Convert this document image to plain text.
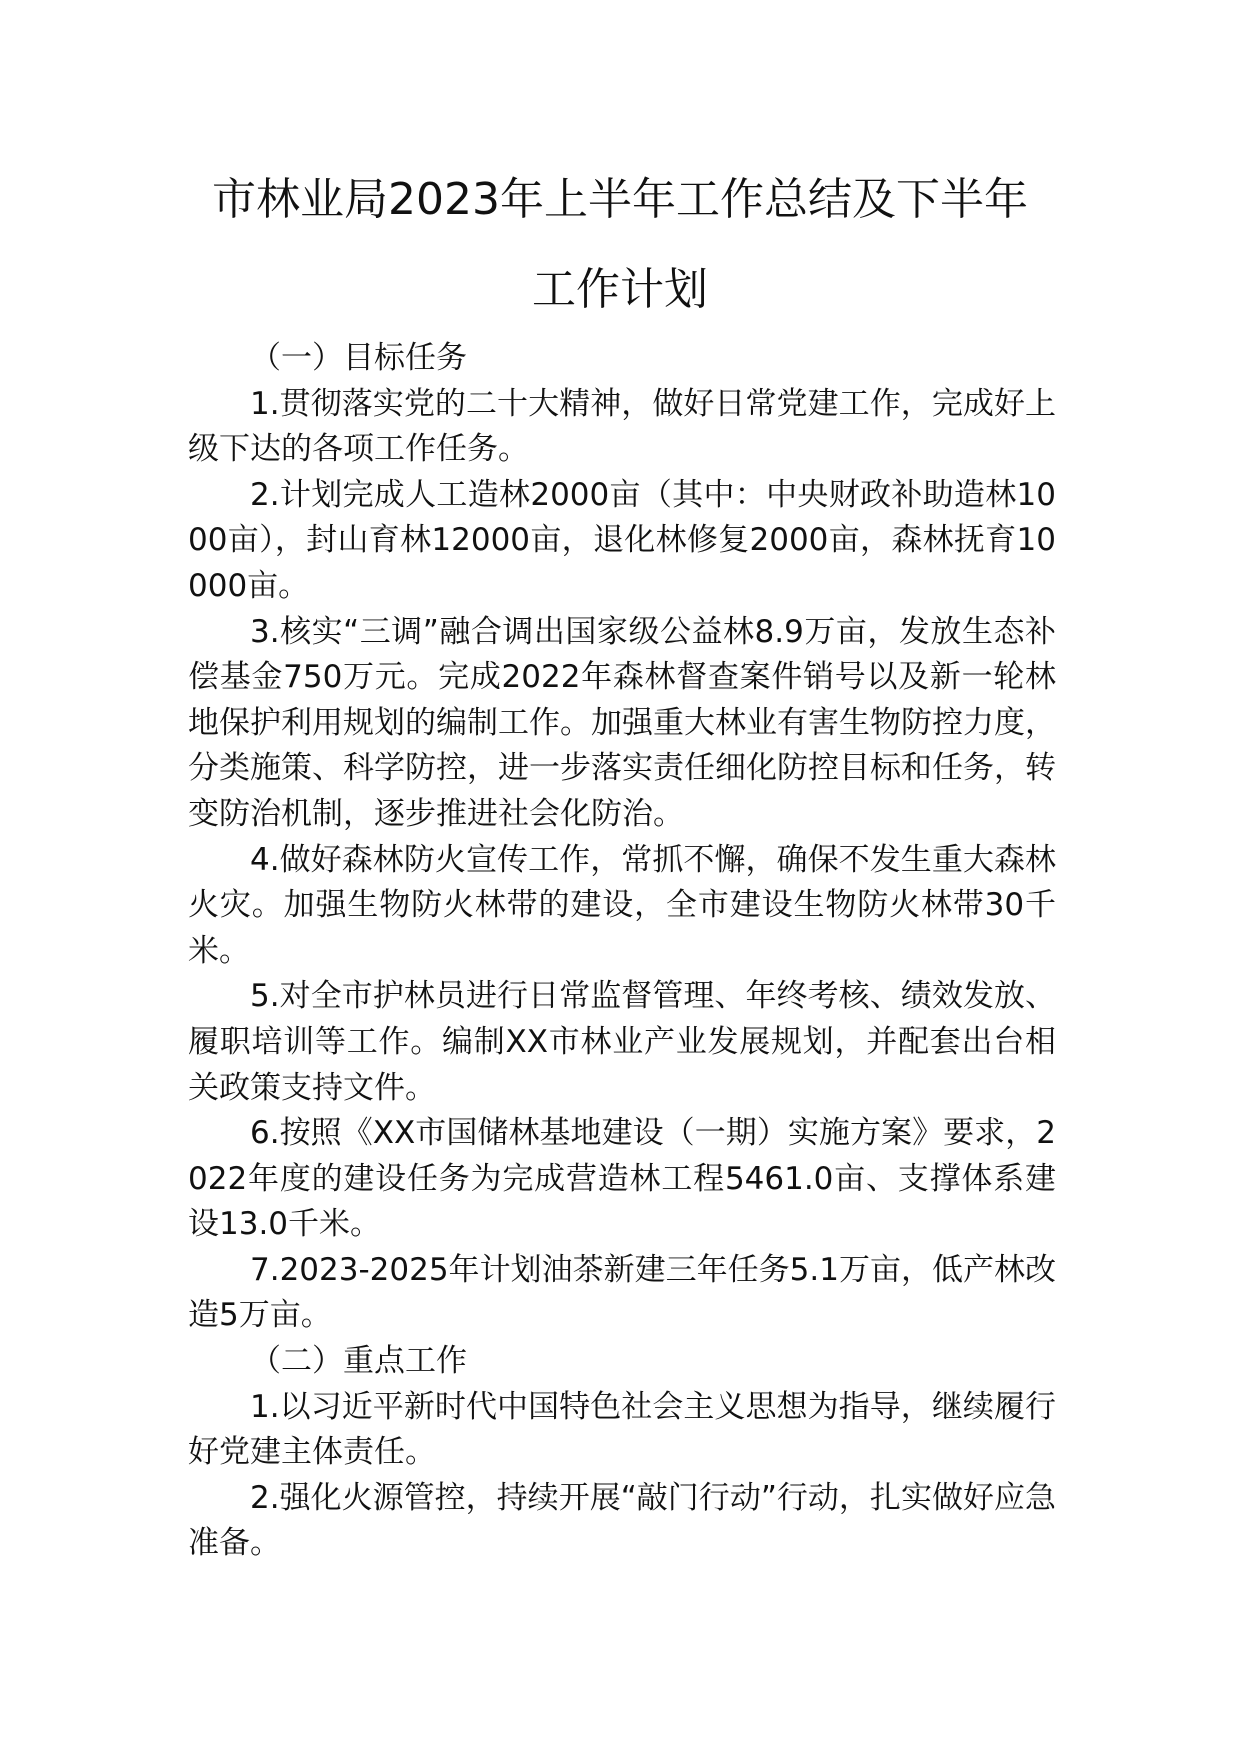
市林业局2023年上半年工作总结及下半年
工作计划

（一）目标任务

1.贯彻落实党的二十大精神，做好日常党建工作，完成好上级下达的各项工作任务。

2.计划完成人工造林2000亩（其中：中央财政补助造林1000亩），封山育林12000亩，退化林修复2000亩，森林抚育10000亩。

3.核实“三调”融合调出国家级公益林8.9万亩，发放生态补偿基金750万元。完成2022年森林督查案件销号以及新一轮林地保护利用规划的编制工作。加强重大林业有害生物防控力度，分类施策、科学防控，进一步落实责任细化防控目标和任务，转变防治机制，逐步推进社会化防治。

4.做好森林防火宣传工作，常抓不懈，确保不发生重大森林火灾。加强生物防火林带的建设，全市建设生物防火林带30千米。

5.对全市护林员进行日常监督管理、年终考核、绩效发放、履职培训等工作。编制XX市林业产业发展规划，并配套出台相关政策支持文件。

6.按照《XX市国储林基地建设（一期）实施方案》要求，2022年度的建设任务为完成营造林工程5461.0亩、支撑体系建设13.0千米。

7.2023-2025年计划油茶新建三年任务5.1万亩，低产林改造5万亩。

（二）重点工作

1.以习近平新时代中国特色社会主义思想为指导，继续履行好党建主体责任。

2.强化火源管控，持续开展“敲门行动”行动，扎实做好应急准备。
